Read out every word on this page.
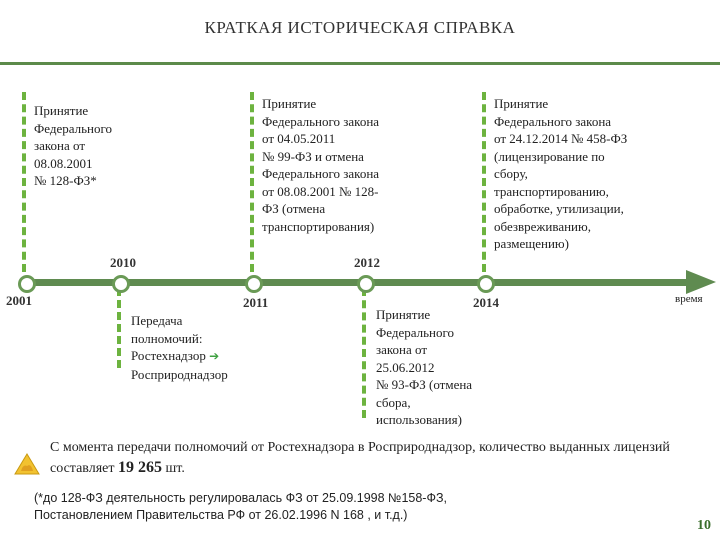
КРАТКАЯ ИСТОРИЧЕСКАЯ СПРАВКА
2001
2010
2011
2012
2014	время
Принятие
Федерального
закона от
08.08.2001
№ 128-ФЗ*
Принятие
Федерального закона
от 04.05.2011
№ 99-ФЗ и отмена
Федерального закона
от 08.08.2001 № 128-
ФЗ (отмена
транспортирования)
Принятие
Федерального закона
от 24.12.2014 № 458-ФЗ
(лицензирование по
сбору,
транспортированию,
обработке, утилизации,
обезвреживанию,
размещению)
Передача
полномочий:
Ростехнадзор ➔
Росприроднадзор
Принятие
Федерального
закона от
25.06.2012
№ 93-ФЗ (отмена
сбора,
использования)
С момента передачи полномочий от Ростехнадзора в Росприроднадзор, количество выданных лицензий составляет 19 265 шт.
(*до 128-ФЗ деятельность регулировалась ФЗ от 25.09.1998 №158-ФЗ,
Постановлением Правительства РФ от 26.02.1996 N 168 , и т.д.)
10
